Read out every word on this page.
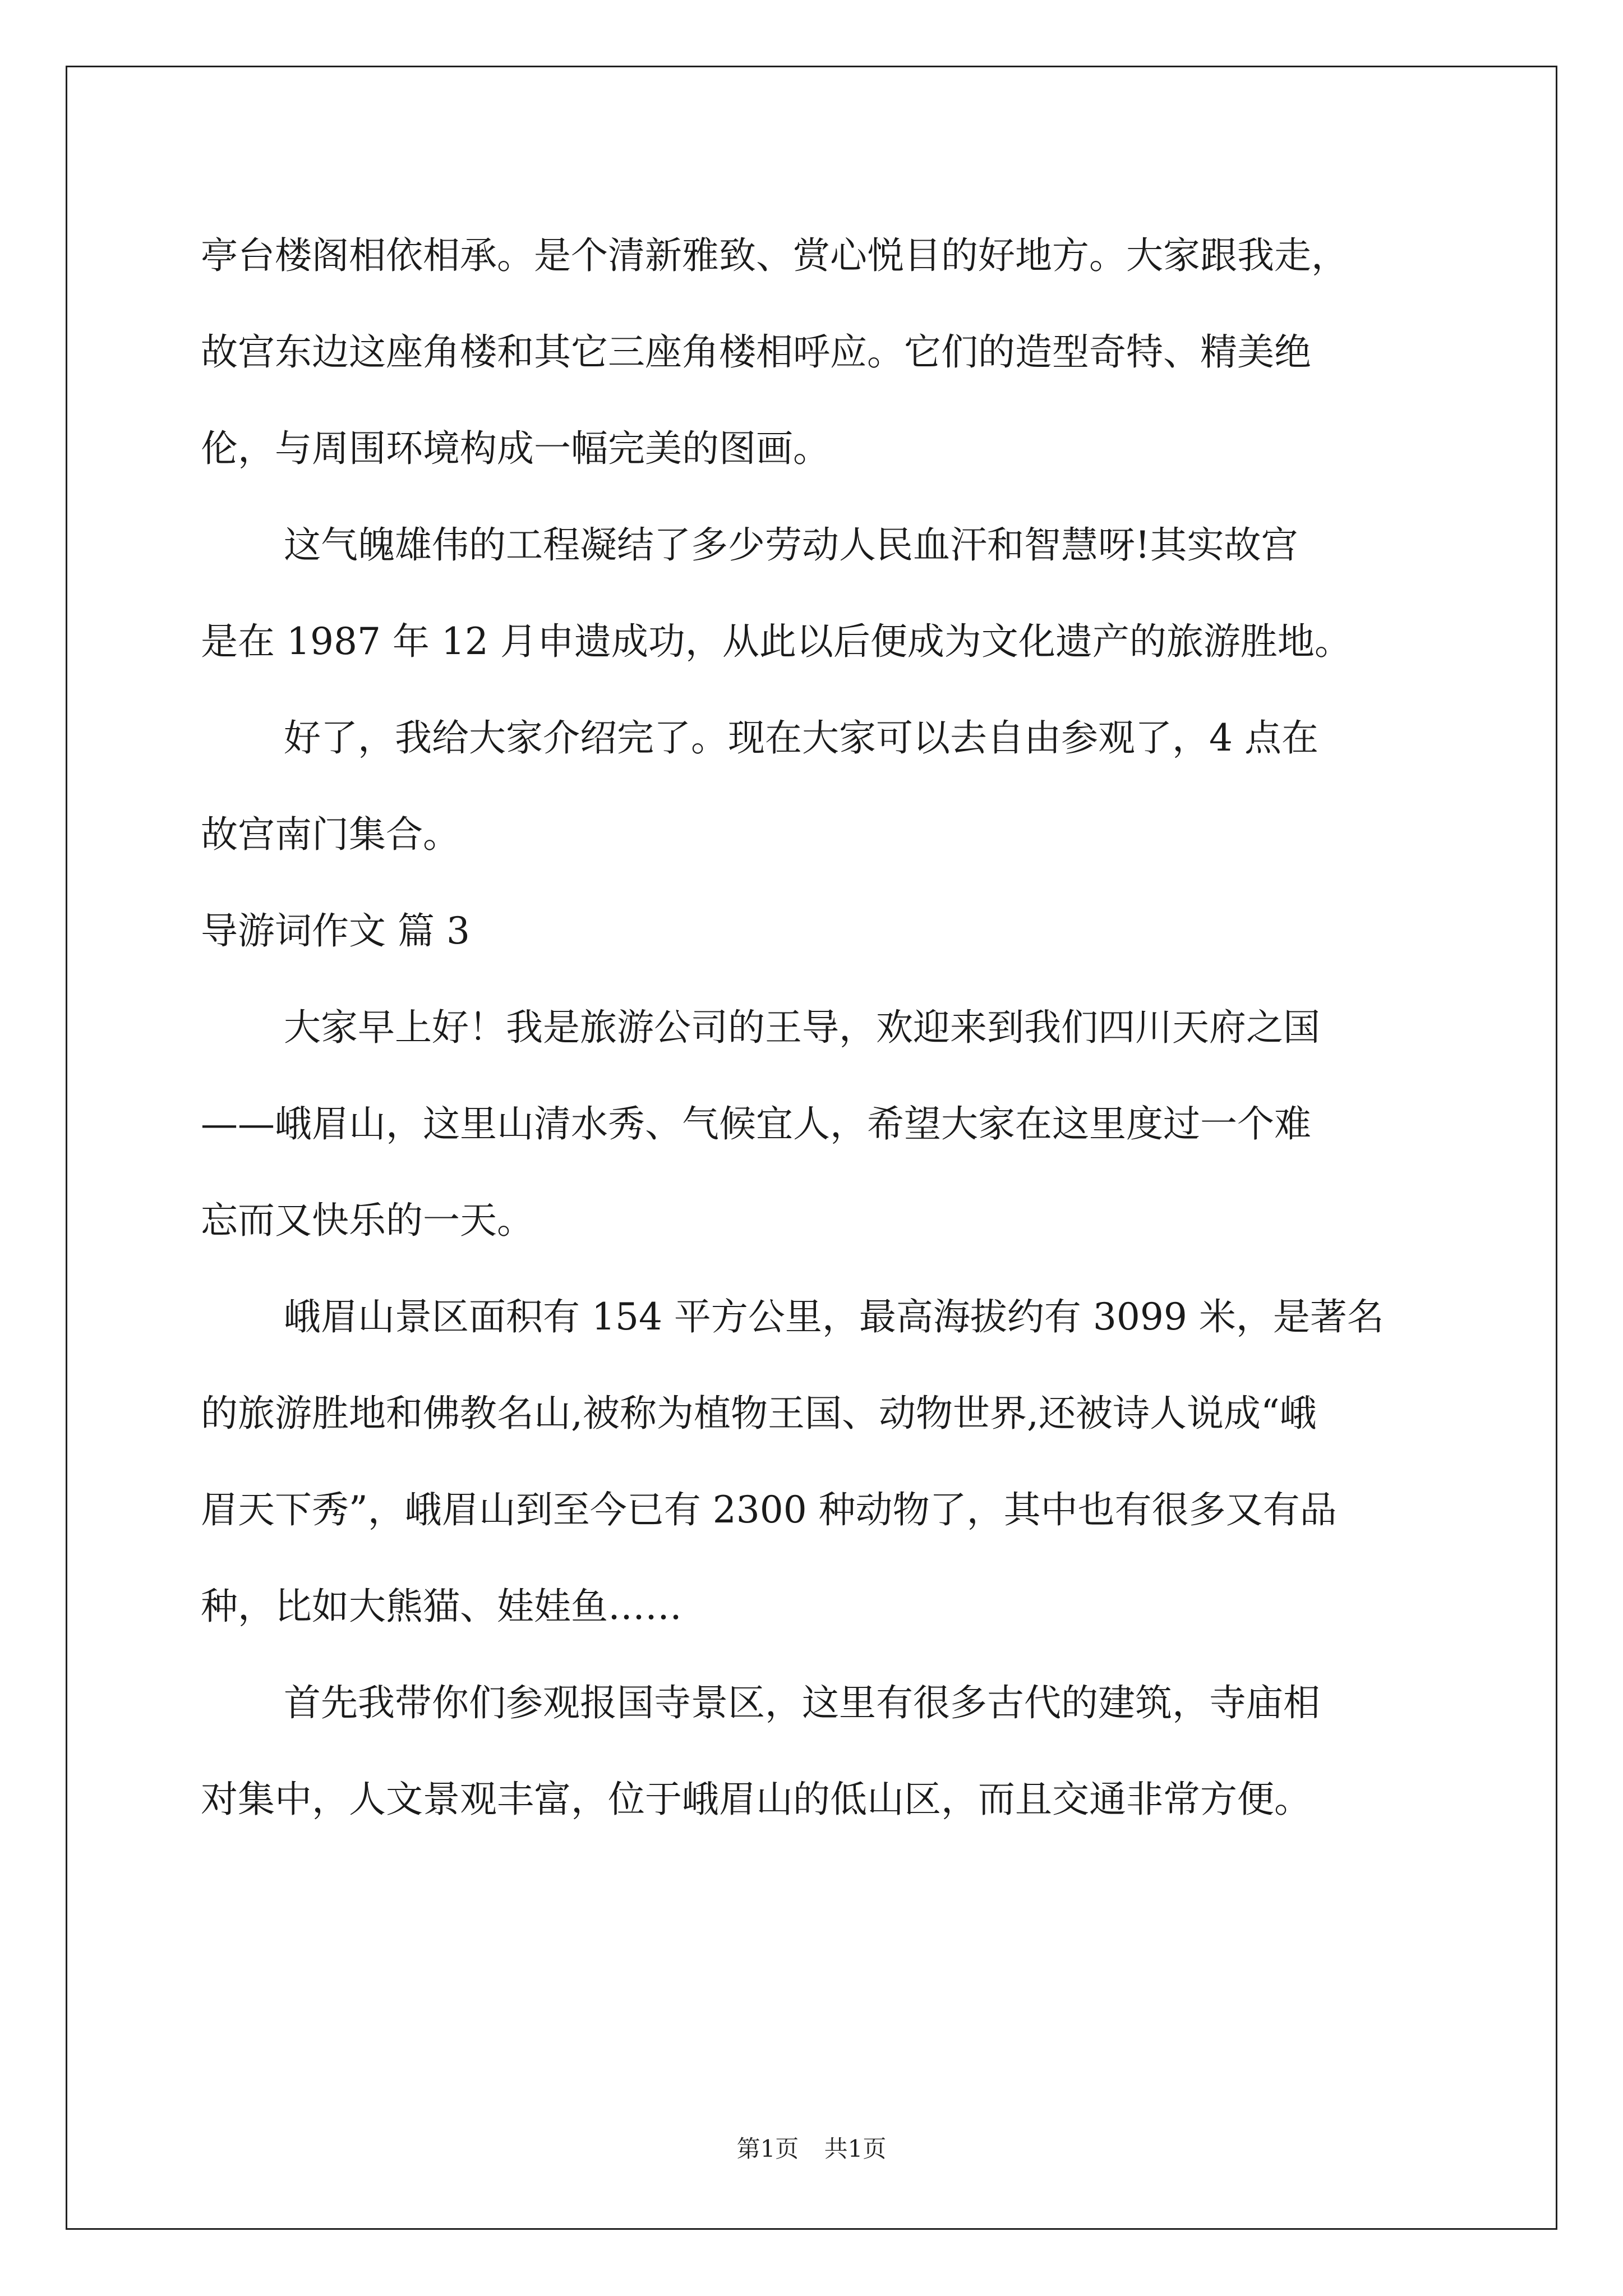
亭台楼阁相依相承。是个清新雅致、赏心悦目的好地方。大家跟我走，
故宫东边这座角楼和其它三座角楼相呼应。它们的造型奇特、精美绝
伦，与周围环境构成一幅完美的图画。
这气魄雄伟的工程凝结了多少劳动人民血汗和智慧呀!其实故宫
是在 1987 年 12 月申遗成功，从此以后便成为文化遗产的旅游胜地。
好了，我给大家介绍完了。现在大家可以去自由参观了，4 点在
故宫南门集合。
导游词作文 篇 3
大家早上好！我是旅游公司的王导，欢迎来到我们四川天府之国
——峨眉山，这里山清水秀、气候宜人，希望大家在这里度过一个难
忘而又快乐的一天。
峨眉山景区面积有 154 平方公里，最高海拔约有 3099 米，是著名
的旅游胜地和佛教名山,被称为植物王国、动物世界,还被诗人说成“峨
眉天下秀”，峨眉山到至今已有 2300 种动物了，其中也有很多又有品
种，比如大熊猫、娃娃鱼……
首先我带你们参观报国寺景区，这里有很多古代的建筑，寺庙相
对集中，人文景观丰富，位于峨眉山的低山区，而且交通非常方便。
第1页 共1页
